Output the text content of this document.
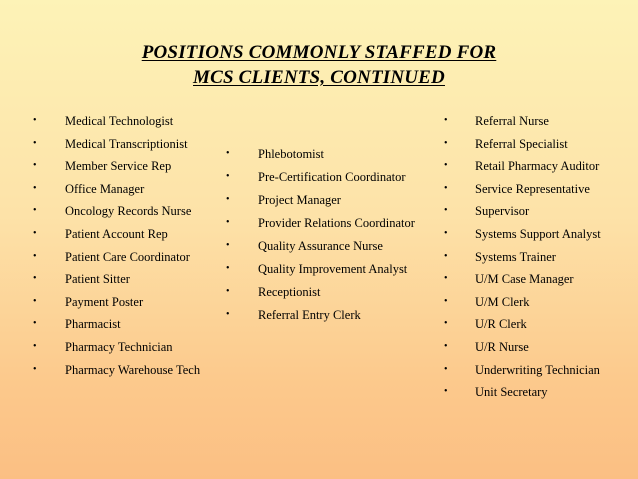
POSITIONS COMMONLY STAFFED FOR
MCS CLIENTS, CONTINUED
• Medical Technologist
• Medical Transcriptionist
• Member Service Rep
• Office Manager
• Oncology Records Nurse
• Patient Account Rep
• Patient Care Coordinator
• Patient Sitter
• Payment Poster
• Pharmacist
• Pharmacy Technician
• Pharmacy Warehouse Tech
• Phlebotomist
• Pre-Certification Coordinator
• Project Manager
• Provider Relations Coordinator
• Quality Assurance Nurse
• Quality Improvement Analyst
• Receptionist
• Referral Entry Clerk
• Referral Nurse
• Referral Specialist
• Retail Pharmacy Auditor
• Service Representative
• Supervisor
• Systems Support Analyst
• Systems Trainer
• U/M Case Manager
• U/M Clerk
• U/R Clerk
• U/R Nurse
• Underwriting Technician
• Unit Secretary
